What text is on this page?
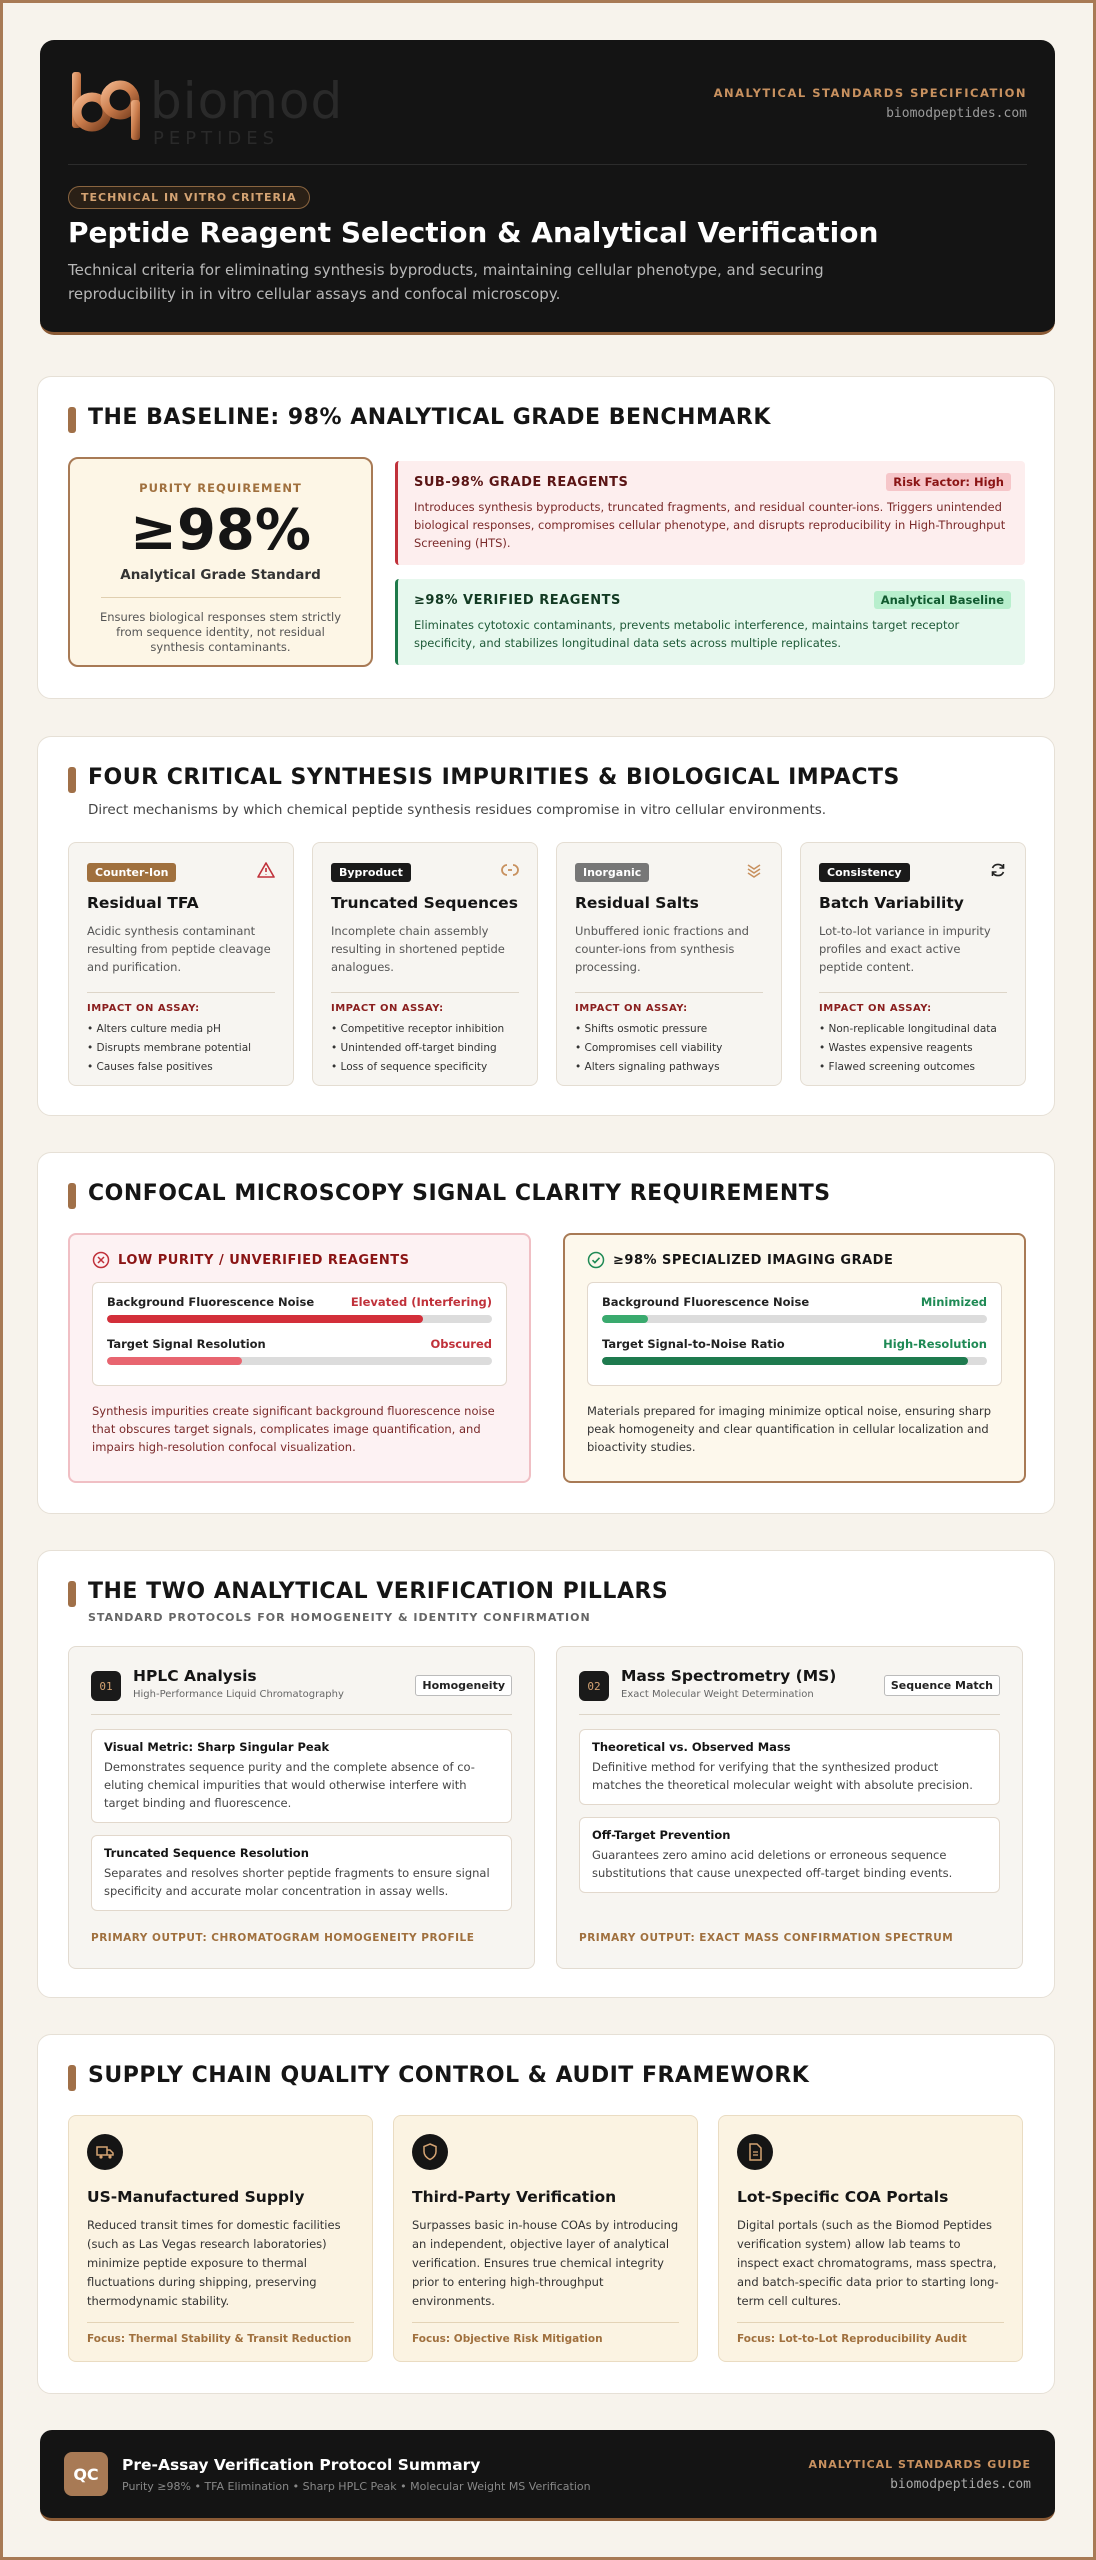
biomod
PEPTIDES
ANALYTICAL STANDARDS SPECIFICATION
biomodpeptides.com
TECHNICAL IN VITRO CRITERIA
Peptide Reagent Selection & Analytical Verification
Technical criteria for eliminating synthesis byproducts, maintaining cellular phenotype, and securing reproducibility in in vitro cellular assays and confocal microscopy.
THE BASELINE: 98% ANALYTICAL GRADE BENCHMARK
PURITY REQUIREMENT
≥98%
Analytical Grade Standard
Ensures biological responses stem strictly from sequence identity, not residual synthesis contaminants.
SUB-98% GRADE REAGENTS	Risk Factor: High
Introduces synthesis byproducts, truncated fragments, and residual counter-ions. Triggers unintended biological responses, compromises cellular phenotype, and disrupts reproducibility in High-Throughput Screening (HTS).
≥98% VERIFIED REAGENTS	Analytical Baseline
Eliminates cytotoxic contaminants, prevents metabolic interference, maintains target receptor specificity, and stabilizes longitudinal data sets across multiple replicates.
FOUR CRITICAL SYNTHESIS IMPURITIES & BIOLOGICAL IMPACTS
Direct mechanisms by which chemical peptide synthesis residues compromise in vitro cellular environments.
Counter-Ion
Residual TFA
Acidic synthesis contaminant resulting from peptide cleavage and purification.
IMPACT ON ASSAY:
• Alters culture media pH
• Disrupts membrane potential
• Causes false positives
Byproduct
Truncated Sequences
Incomplete chain assembly resulting in shortened peptide analogues.
IMPACT ON ASSAY:
• Competitive receptor inhibition
• Unintended off-target binding
• Loss of sequence specificity
Inorganic
Residual Salts
Unbuffered ionic fractions and counter-ions from synthesis processing.
IMPACT ON ASSAY:
• Shifts osmotic pressure
• Compromises cell viability
• Alters signaling pathways
Consistency
Batch Variability
Lot-to-lot variance in impurity profiles and exact active peptide content.
IMPACT ON ASSAY:
• Non-replicable longitudinal data
• Wastes expensive reagents
• Flawed screening outcomes
CONFOCAL MICROSCOPY SIGNAL CLARITY REQUIREMENTS
LOW PURITY / UNVERIFIED REAGENTS
Background Fluorescence Noise	Elevated (Interfering)
Target Signal Resolution	Obscured
Synthesis impurities create significant background fluorescence noise that obscures target signals, complicates image quantification, and impairs high-resolution confocal visualization.
≥98% SPECIALIZED IMAGING GRADE
Background Fluorescence Noise	Minimized
Target Signal-to-Noise Ratio	High-Resolution
Materials prepared for imaging minimize optical noise, ensuring sharp peak homogeneity and clear quantification in cellular localization and bioactivity studies.
THE TWO ANALYTICAL VERIFICATION PILLARS
STANDARD PROTOCOLS FOR HOMOGENEITY & IDENTITY CONFIRMATION
01
HPLC Analysis
High-Performance Liquid Chromatography
Homogeneity
Visual Metric: Sharp Singular Peak
Demonstrates sequence purity and the complete absence of co-eluting chemical impurities that would otherwise interfere with target binding and fluorescence.
Truncated Sequence Resolution
Separates and resolves shorter peptide fragments to ensure signal specificity and accurate molar concentration in assay wells.
PRIMARY OUTPUT: CHROMATOGRAM HOMOGENEITY PROFILE
02
Mass Spectrometry (MS)
Exact Molecular Weight Determination
Sequence Match
Theoretical vs. Observed Mass
Definitive method for verifying that the synthesized product matches the theoretical molecular weight with absolute precision.
Off-Target Prevention
Guarantees zero amino acid deletions or erroneous sequence substitutions that cause unexpected off-target binding events.
PRIMARY OUTPUT: EXACT MASS CONFIRMATION SPECTRUM
SUPPLY CHAIN QUALITY CONTROL & AUDIT FRAMEWORK
US-Manufactured Supply
Reduced transit times for domestic facilities (such as Las Vegas research laboratories) minimize peptide exposure to thermal fluctuations during shipping, preserving thermodynamic stability.
Focus: Thermal Stability & Transit Reduction
Third-Party Verification
Surpasses basic in-house COAs by introducing an independent, objective layer of analytical verification. Ensures true chemical integrity prior to entering high-throughput environments.
Focus: Objective Risk Mitigation
Lot-Specific COA Portals
Digital portals (such as the Biomod Peptides verification system) allow lab teams to inspect exact chromatograms, mass spectra, and batch-specific data prior to starting long-term cell cultures.
Focus: Lot-to-Lot Reproducibility Audit
QC	Pre-Assay Verification Protocol Summary
Purity ≥98% • TFA Elimination • Sharp HPLC Peak • Molecular Weight MS Verification
ANALYTICAL STANDARDS GUIDE
biomodpeptides.com
